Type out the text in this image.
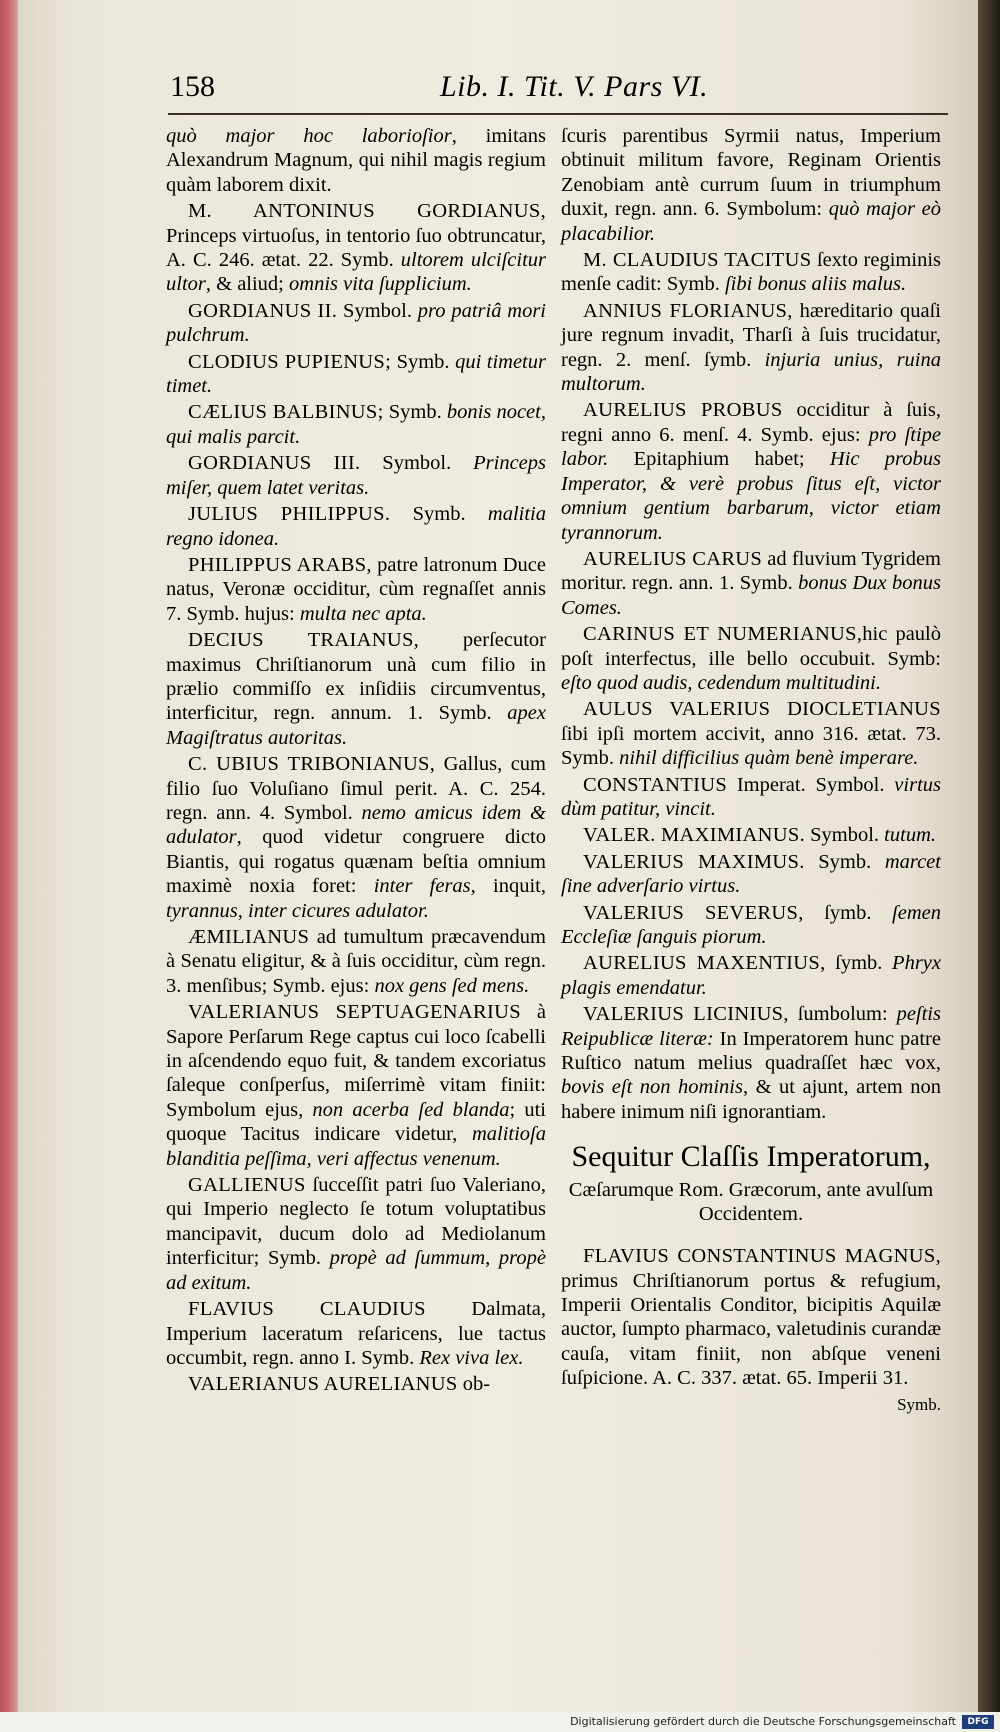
158	Lib. I. Tit. V. Pars VI.

quò major hoc laborioſior, imitans Alexandrum Magnum, qui nihil magis regium quàm laborem dixit.

M. ANTONINUS GORDIANUS, Princeps virtuoſus, in tentorio ſuo obtruncatur, A. C. 246. ætat. 22. Symb. ultorem ulciſcitur ultor, & aliud; omnis vita ſupplicium.

GORDIANUS II. Symbol. pro patriâ mori pulchrum.

CLODIUS PUPIENUS; Symb. qui timetur timet.

CÆLIUS BALBINUS; Symb. bonis nocet, qui malis parcit.

GORDIANUS III. Symbol. Princeps miſer, quem latet veritas.

JULIUS PHILIPPUS. Symb. malitia regno idonea.

PHILIPPUS ARABS, patre latronum Duce natus, Veronæ occiditur, cùm regnaſſet annis 7. Symb. hujus: multa nec apta.

DECIUS TRAIANUS, perſecutor maximus Chriſtianorum unà cum filio in prælio commiſſo ex inſidiis circumventus, interficitur, regn. annum. 1. Symb. apex Magiſtratus autoritas.

C. UBIUS TRIBONIANUS, Gallus, cum filio ſuo Voluſiano ſimul perit. A. C. 254. regn. ann. 4. Symbol. nemo amicus idem & adulator, quod videtur congruere dicto Biantis, qui rogatus quænam beſtia omnium maximè noxia foret: inter feras, inquit, tyrannus, inter cicures adulator.

ÆMILIANUS ad tumultum præcavendum à Senatu eligitur, & à ſuis occiditur, cùm regn. 3. menſibus; Symb. ejus: nox gens ſed mens.

VALERIANUS SEPTUAGENARIUS à Sapore Perſarum Rege captus cui loco ſcabelli in aſcendendo equo fuit, & tandem excoriatus ſaleque conſperſus, miſerrimè vitam finiit: Symbolum ejus, non acerba ſed blanda; uti quoque Tacitus indicare videtur, malitioſa blanditia peſſima, veri affectus venenum.

GALLIENUS ſucceſſit patri ſuo Valeriano, qui Imperio neglecto ſe totum voluptatibus mancipavit, ducum dolo ad Mediolanum interficitur; Symb. propè ad ſummum, propè ad exitum.

FLAVIUS CLAUDIUS Dalmata, Imperium laceratum reſaricens, lue tactus occumbit, regn. anno I. Symb. Rex viva lex.

VALERIANUS AURELIANUS ob-

ſcuris parentibus Syrmii natus, Imperium obtinuit militum favore, Reginam Orientis Zenobiam antè currum ſuum in triumphum duxit, regn. ann. 6. Symbolum: quò major eò placabilior.

M. CLAUDIUS TACITUS ſexto regiminis menſe cadit: Symb. ſibi bonus aliis malus.

ANNIUS FLORIANUS, hæreditario quaſi jure regnum invadit, Tharſi à ſuis trucidatur, regn. 2. menſ. ſymb. injuria unius, ruina multorum.

AURELIUS PROBUS occiditur à ſuis, regni anno 6. menſ. 4. Symb. ejus: pro ſtipe labor. Epitaphium habet; Hic probus Imperator, & verè probus ſitus eſt, victor omnium gentium barbarum, victor etiam tyrannorum.

AURELIUS CARUS ad fluvium Tygridem moritur. regn. ann. 1. Symb. bonus Dux bonus Comes.

CARINUS ET NUMERIANUS,hic paulò poſt interfectus, ille bello occubuit. Symb: eſto quod audis, cedendum multitudini.

AULUS VALERIUS DIOCLETIANUS ſibi ipſi mortem accivit, anno 316. ætat. 73. Symb. nihil difficilius quàm benè imperare.

CONSTANTIUS Imperat. Symbol. virtus dùm patitur, vincit.

VALER. MAXIMIANUS. Symbol. tutum.

VALERIUS MAXIMUS. Symb. marcet ſine adverſario virtus.

VALERIUS SEVERUS, ſymb. ſemen Eccleſiæ ſanguis piorum.

AURELIUS MAXENTIUS, ſymb. Phryx plagis emendatur.

VALERIUS LICINIUS, ſumbolum: peſtis Reipublicæ literæ: In Imperatorem hunc patre Ruſtico natum melius quadraſſet hæc vox, bovis eſt non hominis, & ut ajunt, artem non habere inimum niſi ignorantiam.

Sequitur Claſſis Imperatorum,
Cæſarumque Rom. Græcorum, ante avulſum Occidentem.

FLAVIUS CONSTANTINUS MAGNUS, primus Chriſtianorum portus & refugium, Imperii Orientalis Conditor, bicipitis Aquilæ auctor, ſumpto pharmaco, valetudinis curandæ cauſa, vitam finiit, non abſque veneni ſuſpicione. A. C. 337. ætat. 65. Imperii 31.

Symb.
Digitalisierung gefördert durch die Deutsche Forschungsgemeinschaft	DFG
